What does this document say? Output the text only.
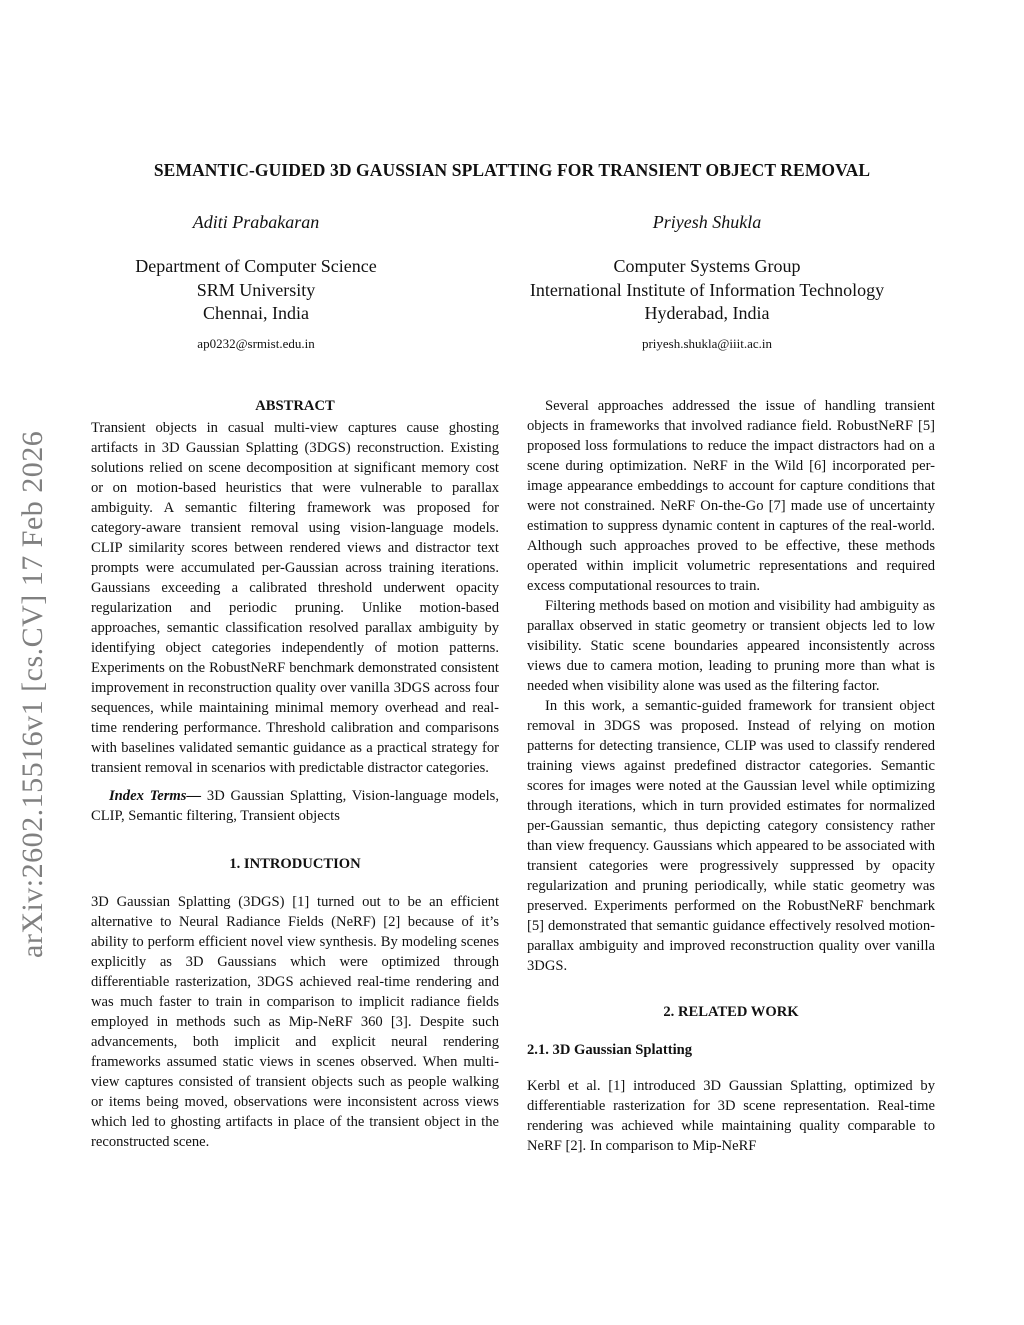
SEMANTIC-GUIDED 3D GAUSSIAN SPLATTING FOR TRANSIENT OBJECT REMOVAL
Aditi Prabakaran
Department of Computer Science
SRM University
Chennai, India
ap0232@srmist.edu.in
Priyesh Shukla
Computer Systems Group
International Institute of Information Technology
Hyderabad, India
priyesh.shukla@iiit.ac.in
arXiv:2602.15516v1 [cs.CV] 17 Feb 2026
ABSTRACT

Transient objects in casual multi-view captures cause ghosting artifacts in 3D Gaussian Splatting (3DGS) reconstruction. Existing solutions relied on scene decomposition at significant memory cost or on motion-based heuristics that were vulnerable to parallax ambiguity. A semantic filtering framework was proposed for category-aware transient removal using vision-language models. CLIP similarity scores between rendered views and distractor text prompts were accumulated per-Gaussian across training iterations. Gaussians exceeding a calibrated threshold underwent opacity regularization and periodic pruning. Unlike motion-based approaches, semantic classification resolved parallax ambiguity by identifying object categories independently of motion patterns. Experiments on the RobustNeRF benchmark demonstrated consistent improvement in reconstruction quality over vanilla 3DGS across four sequences, while maintaining minimal memory overhead and real-time rendering performance. Threshold calibration and comparisons with baselines validated semantic guidance as a practical strategy for transient removal in scenarios with predictable distractor categories.

Index Terms— 3D Gaussian Splatting, Vision-language models, CLIP, Semantic filtering, Transient objects

1. INTRODUCTION

3D Gaussian Splatting (3DGS) [1] turned out to be an efficient alternative to Neural Radiance Fields (NeRF) [2] because of it’s ability to perform efficient novel view synthesis. By modeling scenes explicitly as 3D Gaussians which were optimized through differentiable rasterization, 3DGS achieved real-time rendering and was much faster to train in comparison to implicit radiance fields employed in methods such as Mip-NeRF 360 [3]. Despite such advancements, both implicit and explicit neural rendering frameworks assumed static views in scenes observed. When multi-view captures consisted of transient objects such as people walking or items being moved, observations were inconsistent across views which led to ghosting artifacts in place of the transient object in the reconstructed scene.

Several approaches addressed the issue of handling transient objects in frameworks that involved radiance field. RobustNeRF [5] proposed loss formulations to reduce the impact distractors had on a scene during optimization. NeRF in the Wild [6] incorporated per-image appearance embeddings to account for capture conditions that were not constrained. NeRF On-the-Go [7] made use of uncertainty estimation to suppress dynamic content in captures of the real-world. Although such approaches proved to be effective, these methods operated within implicit volumetric representations and required excess computational resources to train.

Filtering methods based on motion and visibility had ambiguity as parallax observed in static geometry or transient objects led to low visibility. Static scene boundaries appeared inconsistently across views due to camera motion, leading to pruning more than what is needed when visibility alone was used as the filtering factor.

In this work, a semantic-guided framework for transient object removal in 3DGS was proposed. Instead of relying on motion patterns for detecting transience, CLIP was used to classify rendered training views against predefined distractor categories. Semantic scores for images were noted at the Gaussian level while optimizing through iterations, which in turn provided estimates for normalized per-Gaussian semantic, thus depicting category consistency rather than view frequency. Gaussians which appeared to be associated with transient categories were progressively suppressed by opacity regularization and pruning periodically, while static geometry was preserved. Experiments performed on the RobustNeRF benchmark [5] demonstrated that semantic guidance effectively resolved motion-parallax ambiguity and improved reconstruction quality over vanilla 3DGS.

2. RELATED WORK
2.1. 3D Gaussian Splatting

Kerbl et al. [1] introduced 3D Gaussian Splatting, optimized by differentiable rasterization for 3D scene representation. Real-time rendering was achieved while maintaining quality comparable to NeRF [2]. In comparison to Mip-NeRF
